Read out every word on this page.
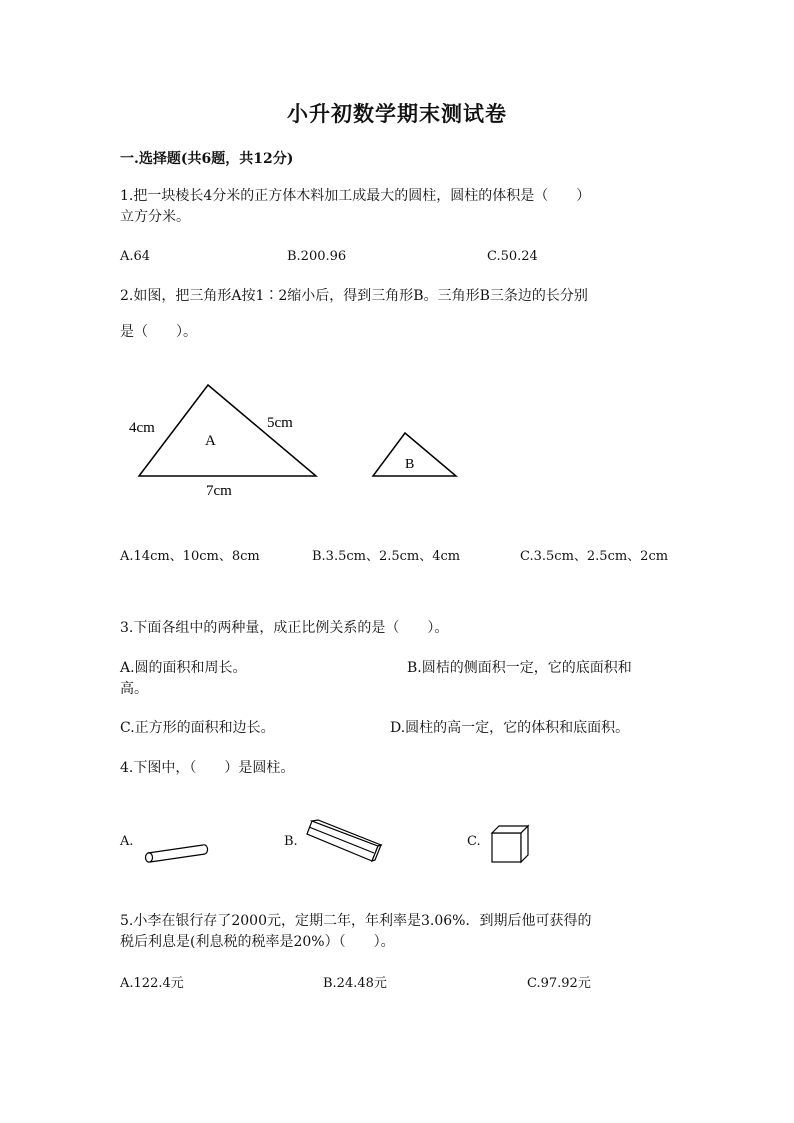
小升初数学期末测试卷
一.选择题(共6题，共12分)
1.把一块棱长4分米的正方体木料加工成最大的圆柱，圆柱的体积是（　　）
立方分米。
A.64	B.200.96	C.50.24
2.如图，把三角形A按1∶2缩小后，得到三角形B。三角形B三条边的长分别
是（　　）。
A
4cm	5cm
7cm
B
A.14cm、10cm、8cm	B.3.5cm、2.5cm、4cm	C.3.5cm、2.5cm、2cm
3.下面各组中的两种量，成正比例关系的是（　　）。
A.圆的面积和周长。	B.圆桔的侧面积一定，它的底面积和
高。
C.正方形的面积和边长。	D.圆柱的高一定，它的体积和底面积。
4.下图中，（　　）是圆柱。
A.	B.	C.
5.小李在银行存了2000元，定期二年，年利率是3.06%．到期后他可获得的
税后利息是(利息税的税率是20%）（　　）。
A.122.4元	B.24.48元	C.97.92元
